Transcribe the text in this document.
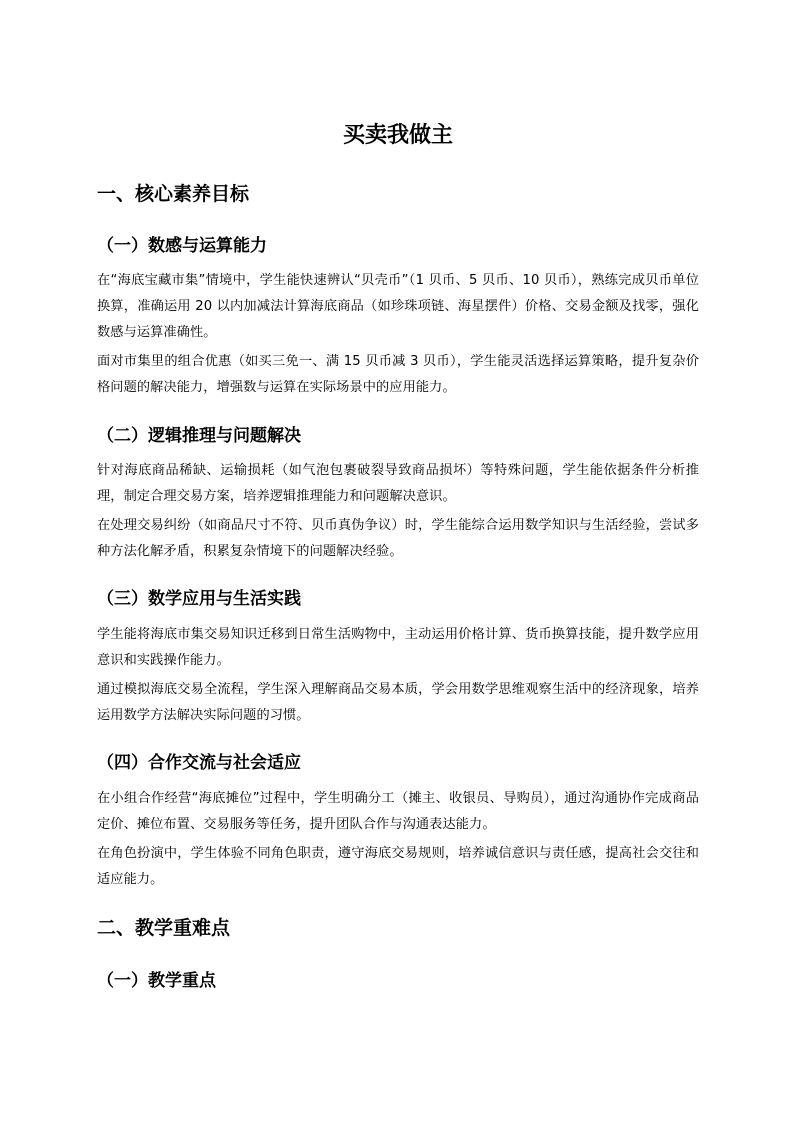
买卖我做主
一、核心素养目标
（一）数感与运算能力

在“海底宝藏市集”情境中，学生能快速辨认“贝壳币”（1 贝币、5 贝币、10 贝币），熟练完成贝币单位换算，准确运用 20 以内加减法计算海底商品（如珍珠项链、海星摆件）价格、交易金额及找零，强化数感与运算准确性。

面对市集里的组合优惠（如买三免一、满 15 贝币减 3 贝币），学生能灵活选择运算策略，提升复杂价格问题的解决能力，增强数与运算在实际场景中的应用能力。

（二）逻辑推理与问题解决

针对海底商品稀缺、运输损耗（如气泡包裹破裂导致商品损坏）等特殊问题，学生能依据条件分析推理，制定合理交易方案，培养逻辑推理能力和问题解决意识。

在处理交易纠纷（如商品尺寸不符、贝币真伪争议）时，学生能综合运用数学知识与生活经验，尝试多种方法化解矛盾，积累复杂情境下的问题解决经验。

（三）数学应用与生活实践

学生能将海底市集交易知识迁移到日常生活购物中，主动运用价格计算、货币换算技能，提升数学应用意识和实践操作能力。

通过模拟海底交易全流程，学生深入理解商品交易本质，学会用数学思维观察生活中的经济现象，培养运用数学方法解决实际问题的习惯。

（四）合作交流与社会适应

在小组合作经营“海底摊位”过程中，学生明确分工（摊主、收银员、导购员），通过沟通协作完成商品定价、摊位布置、交易服务等任务，提升团队合作与沟通表达能力。

在角色扮演中，学生体验不同角色职责，遵守海底交易规则，培养诚信意识与责任感，提高社会交往和适应能力。

二、教学重难点
（一）教学重点
